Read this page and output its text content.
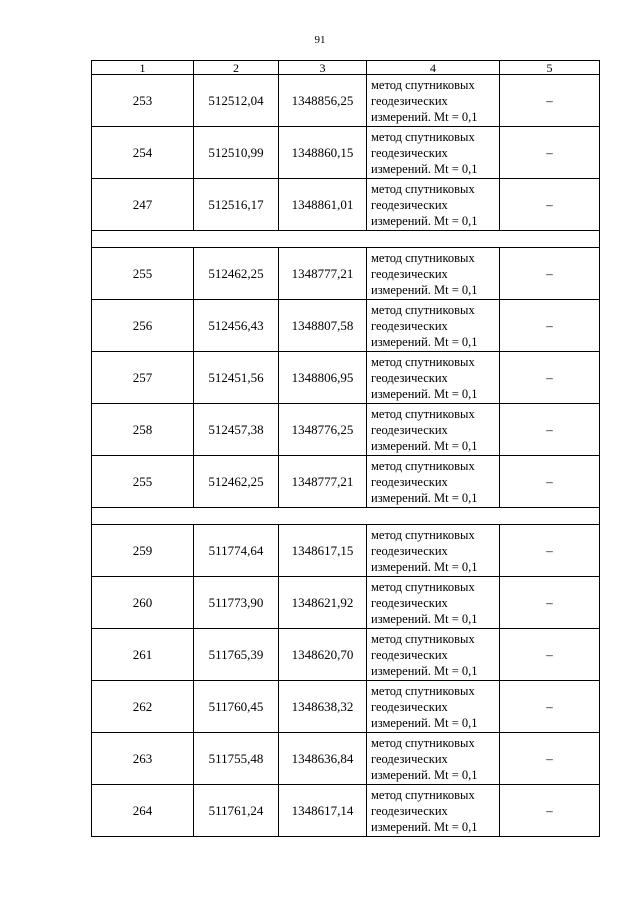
91
1	2	3	4	5
253	512512,04	1348856,25	метод спутниковых
геодезических
измерений. Mt = 0,1	–
254	512510,99	1348860,15	метод спутниковых
геодезических
измерений. Mt = 0,1	–
247	512516,17	1348861,01	метод спутниковых
геодезических
измерений. Mt = 0,1	–

255	512462,25	1348777,21	метод спутниковых
геодезических
измерений. Mt = 0,1	–
256	512456,43	1348807,58	метод спутниковых
геодезических
измерений. Mt = 0,1	–
257	512451,56	1348806,95	метод спутниковых
геодезических
измерений. Mt = 0,1	–
258	512457,38	1348776,25	метод спутниковых
геодезических
измерений. Mt = 0,1	–
255	512462,25	1348777,21	метод спутниковых
геодезических
измерений. Mt = 0,1	–

259	511774,64	1348617,15	метод спутниковых
геодезических
измерений. Mt = 0,1	–
260	511773,90	1348621,92	метод спутниковых
геодезических
измерений. Mt = 0,1	–
261	511765,39	1348620,70	метод спутниковых
геодезических
измерений. Mt = 0,1	–
262	511760,45	1348638,32	метод спутниковых
геодезических
измерений. Mt = 0,1	–
263	511755,48	1348636,84	метод спутниковых
геодезических
измерений. Mt = 0,1	–
264	511761,24	1348617,14	метод спутниковых
геодезических
измерений. Mt = 0,1	–
